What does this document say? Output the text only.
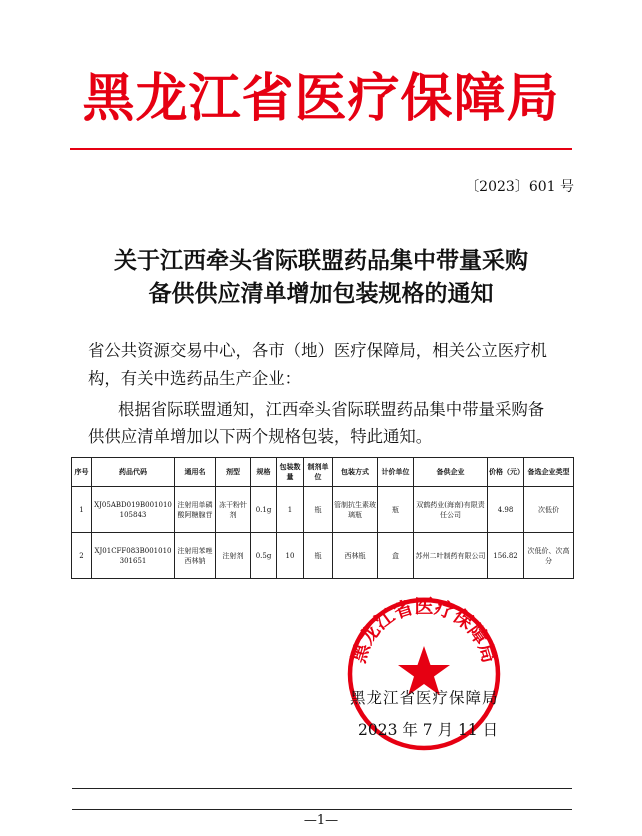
黑龙江省医疗保障局
〔2023〕601 号
关于江西牵头省际联盟药品集中带量采购
备供供应清单增加包装规格的通知
省公共资源交易中心，各市（地）医疗保障局，相关公立医疗机
构，有关中选药品生产企业：
根据省际联盟通知，江西牵头省际联盟药品集中带量采购备
供供应清单增加以下两个规格包装，特此通知。
序号	药品代码	通用名	剂型	规格	包装数量	制剂单位	包装方式	计价单位	备供企业	价格（元）	备选企业类型
1	XJ05ABD019B001010105843	注射用单磷酸阿糖腺苷	冻干粉针剂	0.1g	1	瓶	管制抗生素玻璃瓶	瓶	双鹤药业(海南)有限责任公司	4.98	次低价
2	XJ01CFF083B001010301651	注射用苯唑西林钠	注射剂	0.5g	10	瓶	西林瓶	盒	苏州二叶制药有限公司	156.82	次低价、次高分
黑龙江省医疗保障局
黑龙江省医疗保障局
2023 年 7 月 11 日
—1—
